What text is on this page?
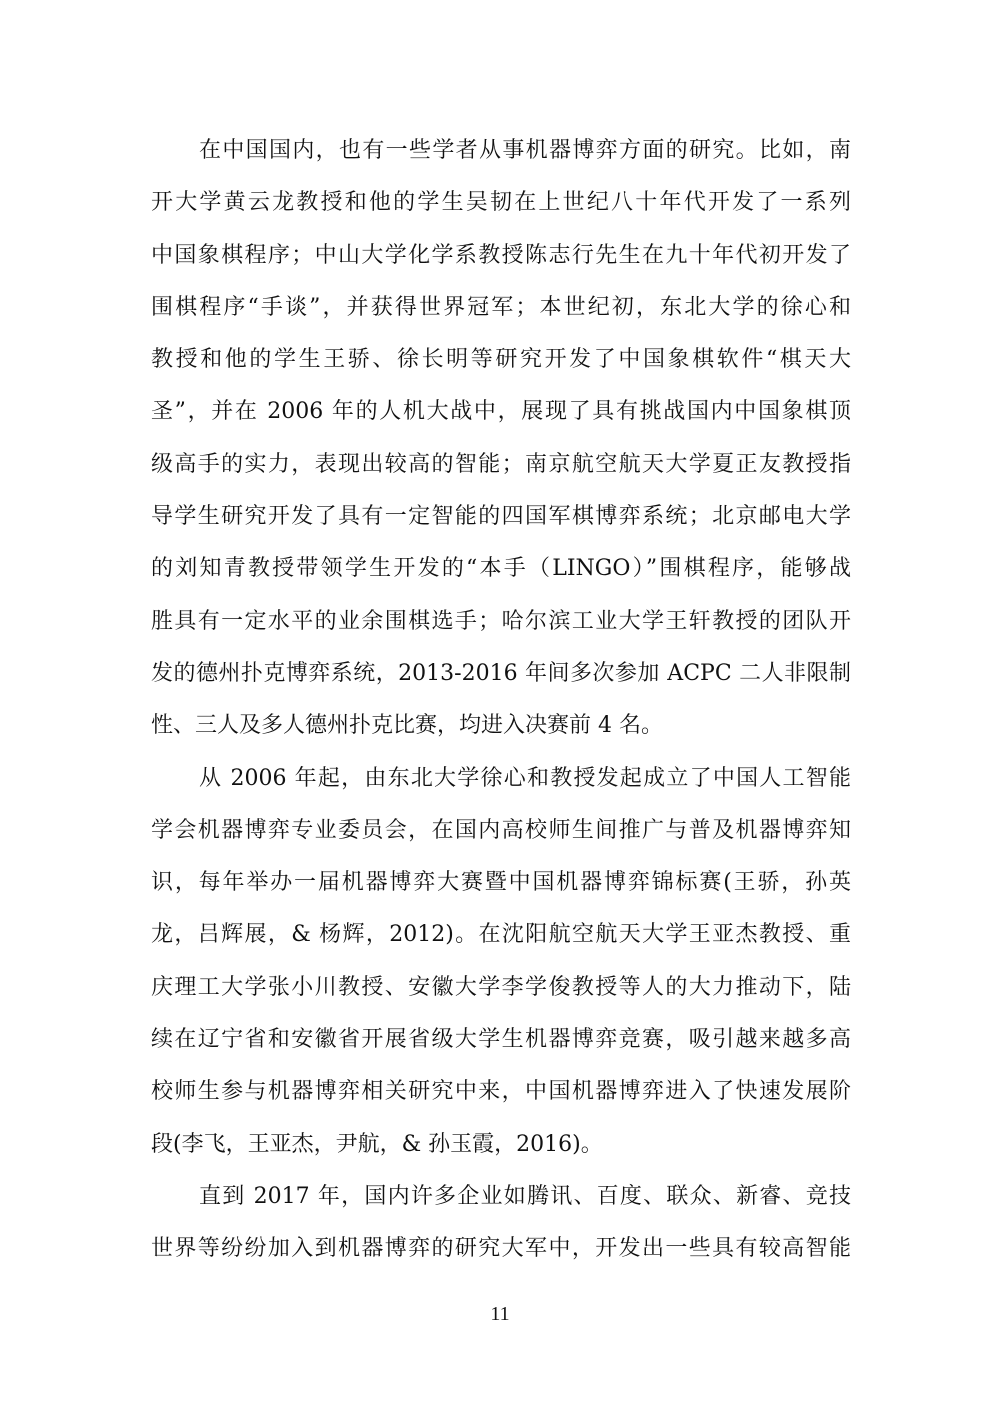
在中国国内，也有一些学者从事机器博弈方面的研究。比如，南
开大学黄云龙教授和他的学生吴韧在上世纪八十年代开发了一系列
中国象棋程序；中山大学化学系教授陈志行先生在九十年代初开发了
围棋程序“手谈”，并获得世界冠军；本世纪初，东北大学的徐心和
教授和他的学生王骄、徐长明等研究开发了中国象棋软件“棋天大
圣”，并在 2006 年的人机大战中，展现了具有挑战国内中国象棋顶
级高手的实力，表现出较高的智能；南京航空航天大学夏正友教授指
导学生研究开发了具有一定智能的四国军棋博弈系统；北京邮电大学
的刘知青教授带领学生开发的“本手（LINGO）”围棋程序，能够战
胜具有一定水平的业余围棋选手；哈尔滨工业大学王轩教授的团队开
发的德州扑克博弈系统，2013-2016 年间多次参加 ACPC 二人非限制
性、三人及多人德州扑克比赛，均进入决赛前 4 名。
从 2006 年起，由东北大学徐心和教授发起成立了中国人工智能
学会机器博弈专业委员会，在国内高校师生间推广与普及机器博弈知
识，每年举办一届机器博弈大赛暨中国机器博弈锦标赛(王骄，孙英
龙，吕辉展，& 杨辉，2012)。在沈阳航空航天大学王亚杰教授、重
庆理工大学张小川教授、安徽大学李学俊教授等人的大力推动下，陆
续在辽宁省和安徽省开展省级大学生机器博弈竞赛，吸引越来越多高
校师生参与机器博弈相关研究中来，中国机器博弈进入了快速发展阶
段(李飞，王亚杰，尹航，& 孙玉霞，2016)。
直到 2017 年，国内许多企业如腾讯、百度、联众、新睿、竞技
世界等纷纷加入到机器博弈的研究大军中，开发出一些具有较高智能
11
